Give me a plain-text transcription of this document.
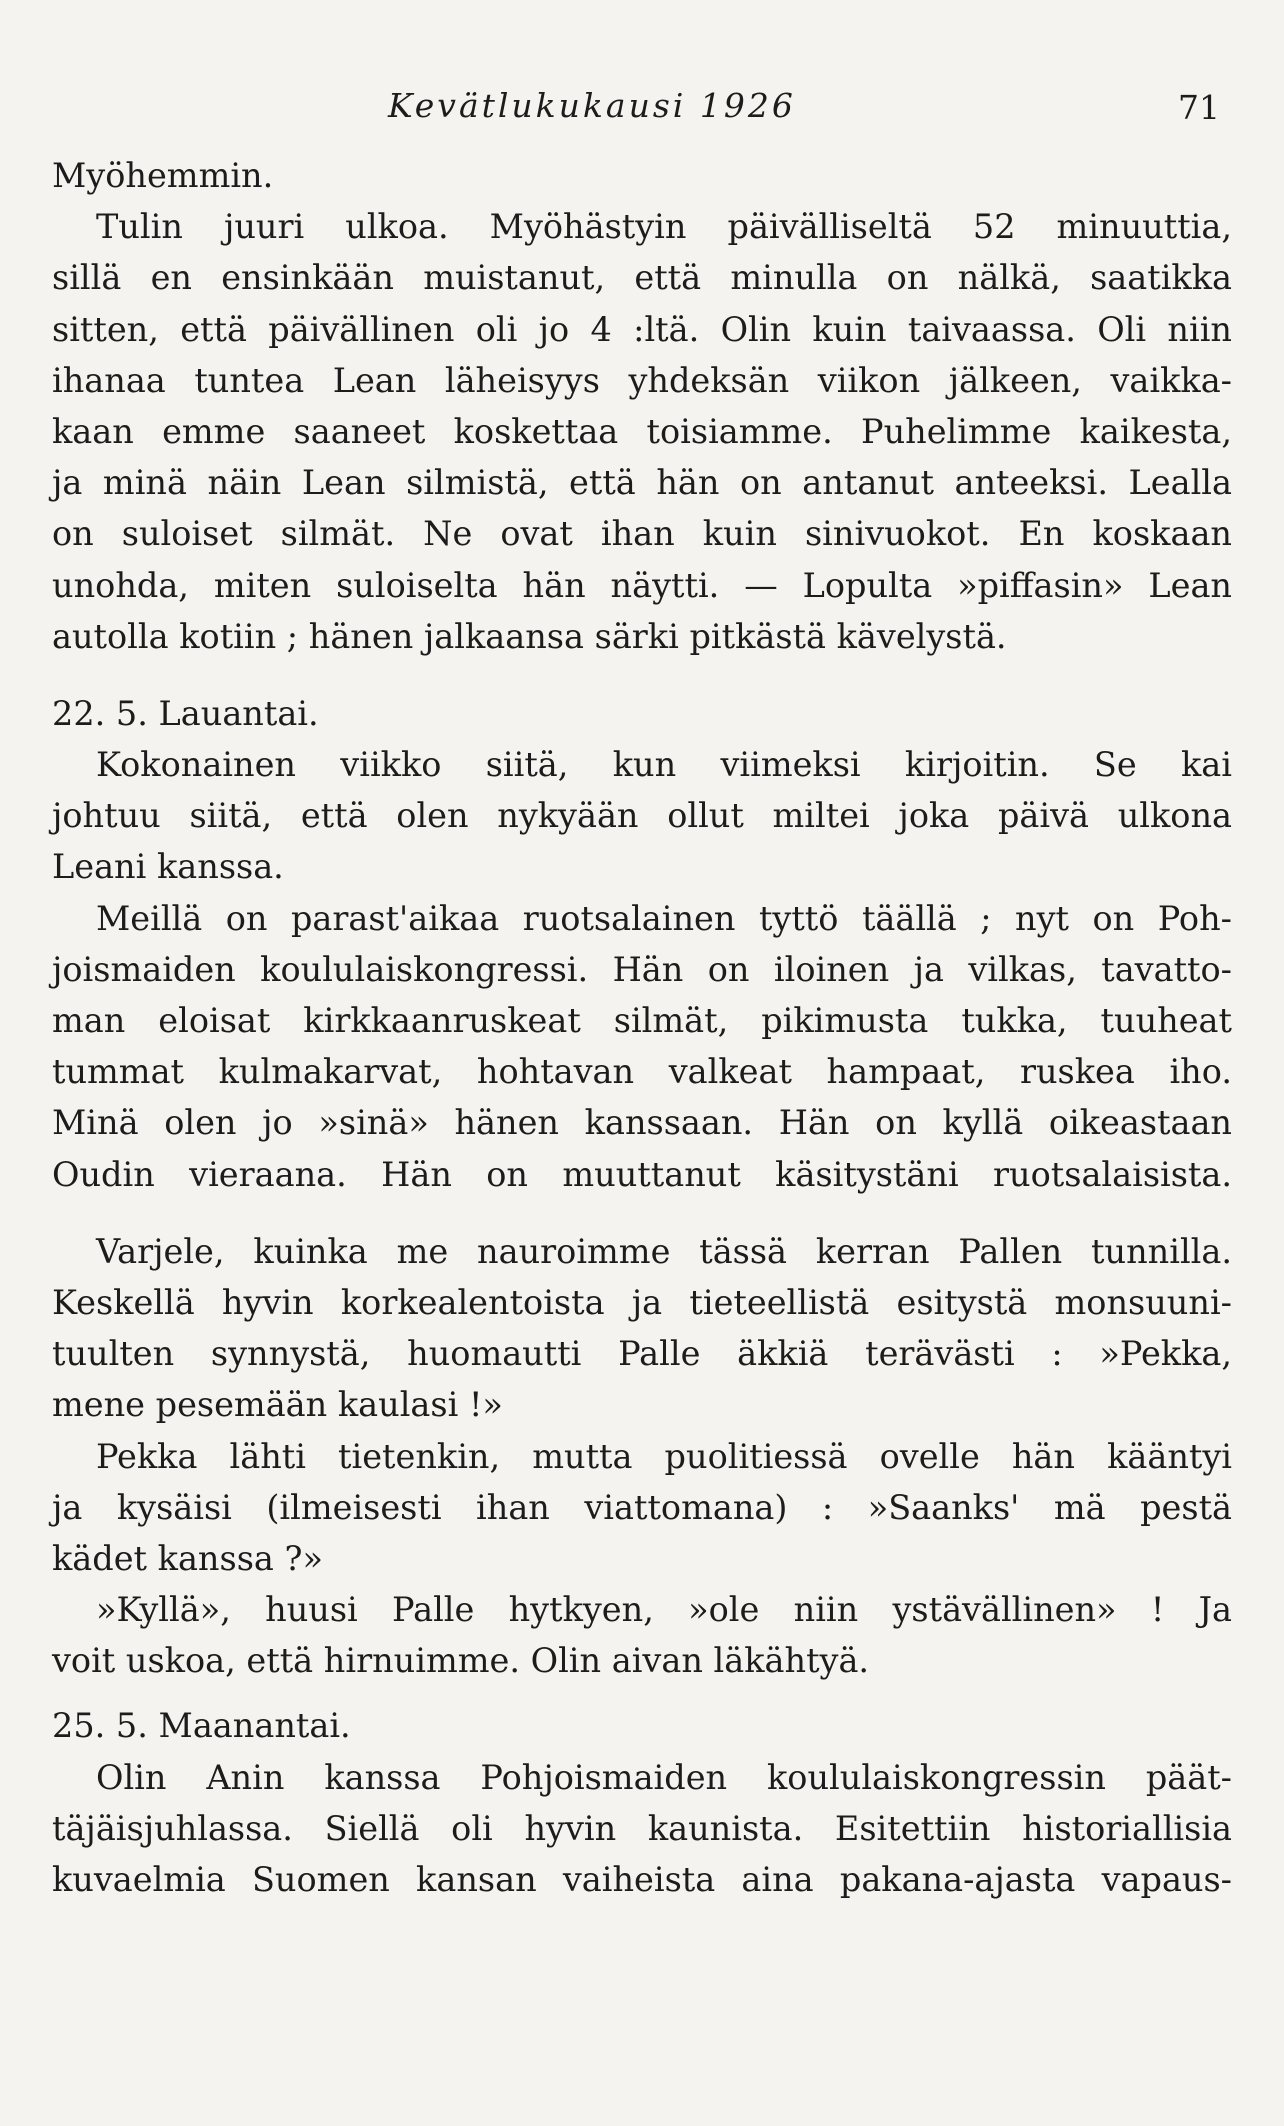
Kevätlukukausi 1926	71
Myöhemmin.
Tulin juuri ulkoa. Myöhästyin päivälliseltä 52 minuuttia,
sillä en ensinkään muistanut, että minulla on nälkä, saatikka
sitten, että päivällinen oli jo 4 :ltä. Olin kuin taivaassa. Oli niin
ihanaa tuntea Lean läheisyys yhdeksän viikon jälkeen, vaikka-
kaan emme saaneet koskettaa toisiamme. Puhelimme kaikesta,
ja minä näin Lean silmistä, että hän on antanut anteeksi. Lealla
on suloiset silmät. Ne ovat ihan kuin sinivuokot. En koskaan
unohda, miten suloiselta hän näytti. — Lopulta »piffasin» Lean
autolla kotiin ; hänen jalkaansa särki pitkästä kävelystä.
22. 5. Lauantai.
Kokonainen viikko siitä, kun viimeksi kirjoitin. Se kai
johtuu siitä, että olen nykyään ollut miltei joka päivä ulkona
Leani kanssa.
Meillä on parast'aikaa ruotsalainen tyttö täällä ; nyt on Poh-
joismaiden koululaiskongressi. Hän on iloinen ja vilkas, tavatto-
man eloisat kirkkaanruskeat silmät, pikimusta tukka, tuuheat
tummat kulmakarvat, hohtavan valkeat hampaat, ruskea iho.
Minä olen jo »sinä» hänen kanssaan. Hän on kyllä oikeastaan
Oudin vieraana. Hän on muuttanut käsitystäni ruotsalaisista.
Varjele, kuinka me nauroimme tässä kerran Pallen tunnilla.
Keskellä hyvin korkealentoista ja tieteellistä esitystä monsuuni-
tuulten synnystä, huomautti Palle äkkiä terävästi : »Pekka,
mene pesemään kaulasi !»
Pekka lähti tietenkin, mutta puolitiessä ovelle hän kääntyi
ja kysäisi (ilmeisesti ihan viattomana) : »Saanks' mä pestä
kädet kanssa ?»
»Kyllä», huusi Palle hytkyen, »ole niin ystävällinen» ! Ja
voit uskoa, että hirnuimme. Olin aivan läkähtyä.
25. 5. Maanantai.
Olin Anin kanssa Pohjoismaiden koululaiskongressin päät-
täjäisjuhlassa. Siellä oli hyvin kaunista. Esitettiin historiallisia
kuvaelmia Suomen kansan vaiheista aina pakana-ajasta vapaus-
